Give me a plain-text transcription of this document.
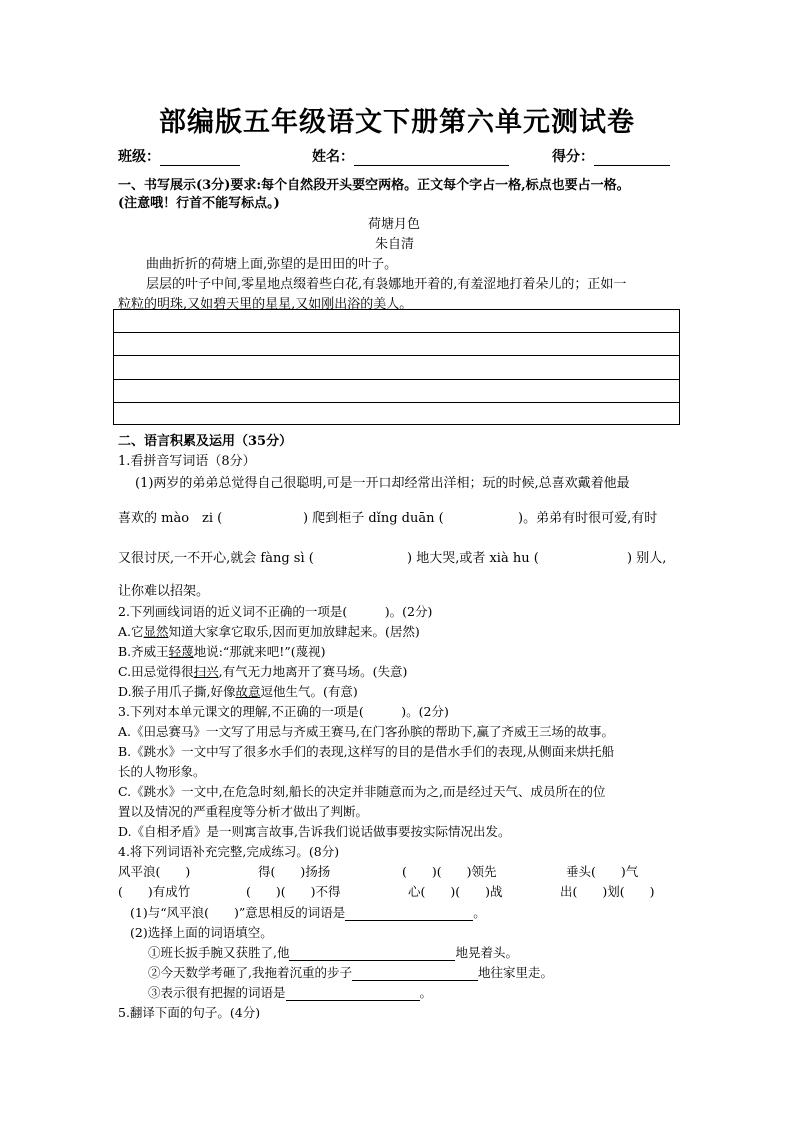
部编版五年级语文下册第六单元测试卷
班级：	姓名：	得分：
一、书写展示(3分)要求:每个自然段开头要空两格。正文每个字占一格,标点也要占一格。
(注意哦！行首不能写标点。)
荷塘月色
朱自清
曲曲折折的荷塘上面,弥望的是田田的叶子。
层层的叶子中间,零星地点缀着些白花,有袅娜地开着的,有羞涩地打着朵儿的；正如一
粒粒的明珠,又如碧天里的星星,又如刚出浴的美人。
二、语言积累及运用（35分）
1.看拼音写词语（8分）
(1)两岁的弟弟总觉得自己很聪明,可是一开口却经常出洋相；玩的时候,总喜欢戴着他最
喜欢的 mào　zi (	) 爬到柜子 dǐng duān (	)。弟弟有时很可爱,有时
又很讨厌,一不开心,就会 fàng sì (	) 地大哭,或者 xià hu (	) 别人,
让你难以招架。
2.下列画线词语的近义词不正确的一项是(　　　)。(2分)
A.它显然知道大家拿它取乐,因而更加放肆起来。(居然)
B.齐威王轻蔑地说:“那就来吧!”(蔑视)
C.田忌觉得很扫兴,有气无力地离开了赛马场。(失意)
D.猴子用爪子撕,好像故意逗他生气。(有意)
3.下列对本单元课文的理解,不正确的一项是(　　　)。(2分)
A.《田忌赛马》一文写了用忌与齐威王赛马,在门客孙膑的帮助下,赢了齐威王三场的故事。
B.《跳水》一文中写了很多水手们的表现,这样写的目的是借水手们的表现,从侧面来烘托船
长的人物形象。
C.《跳水》一文中,在危急时刻,船长的决定并非随意而为之,而是经过天气、成员所在的位
置以及情况的严重程度等分析才做出了判断。
D.《自相矛盾》是一则寓言故事,告诉我们说话做事要按实际情况出发。
4.将下列词语补充完整,完成练习。(8分)
风平浪(　　)	得(　　)扬扬	(　　)(　　)领先	垂头(　　)气
(　　)有成竹	(　　)(　　)不得	心(　　)(　　)战	出(　　)划(　　)
(1)与“风平浪(　　)”意思相反的词语是	。
(2)选择上面的词语填空。
①班长扳手腕又获胜了,他	地晃着头。
②今天数学考砸了,我拖着沉重的步子	地往家里走。
③表示很有把握的词语是	。
5.翻译下面的句子。(4分)
